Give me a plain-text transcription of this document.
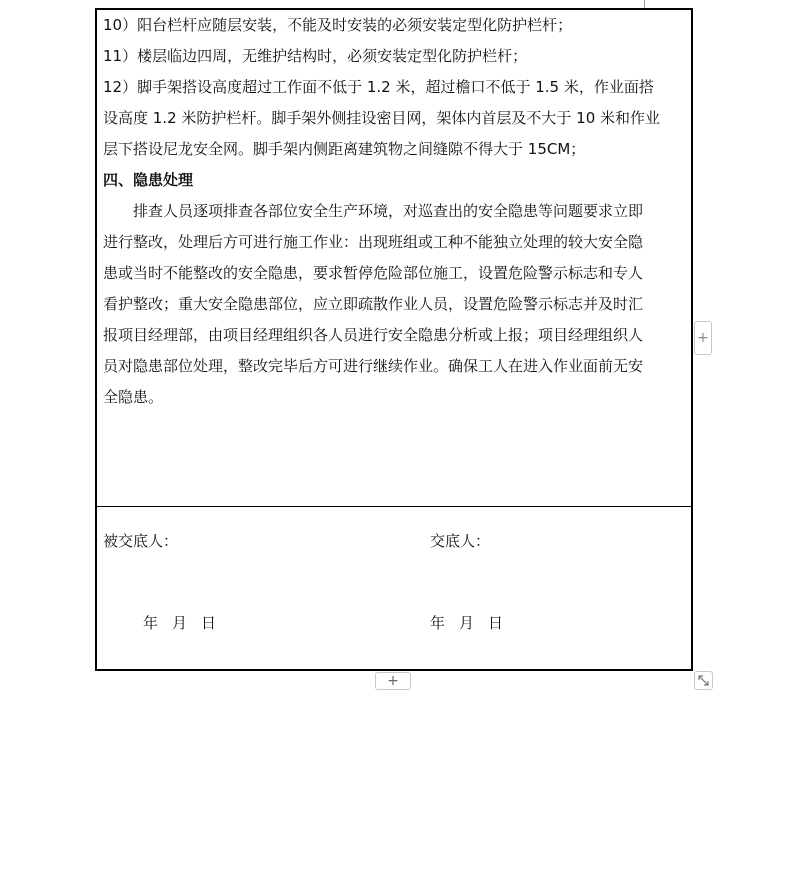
10）阳台栏杆应随层安装，不能及时安装的必须安装定型化防护栏杆；

11）楼层临边四周，无维护结构时，必须安装定型化防护栏杆；

12）脚手架搭设高度超过工作面不低于 1.2 米，超过檐口不低于 1.5 米，作业面搭

设高度 1.2 米防护栏杆。脚手架外侧挂设密目网，架体内首层及不大于 10 米和作业

层下搭设尼龙安全网。脚手架内侧距离建筑物之间缝隙不得大于 15CM；

四、隐患处理

排查人员逐项排查各部位安全生产环境，对巡查出的安全隐患等问题要求立即

进行整改，处理后方可进行施工作业：出现班组或工种不能独立处理的较大安全隐

患或当时不能整改的安全隐患，要求暂停危险部位施工，设置危险警示标志和专人

看护整改；重大安全隐患部位，应立即疏散作业人员，设置危险警示标志并及时汇

报项目经理部，由项目经理组织各人员进行安全隐患分析或上报；项目经理组织人

员对隐患部位处理，整改完毕后方可进行继续作业。确保工人在进入作业面前无安

全隐患。

被交底人：	交底人：
年 月 日	年 月 日
+
+
